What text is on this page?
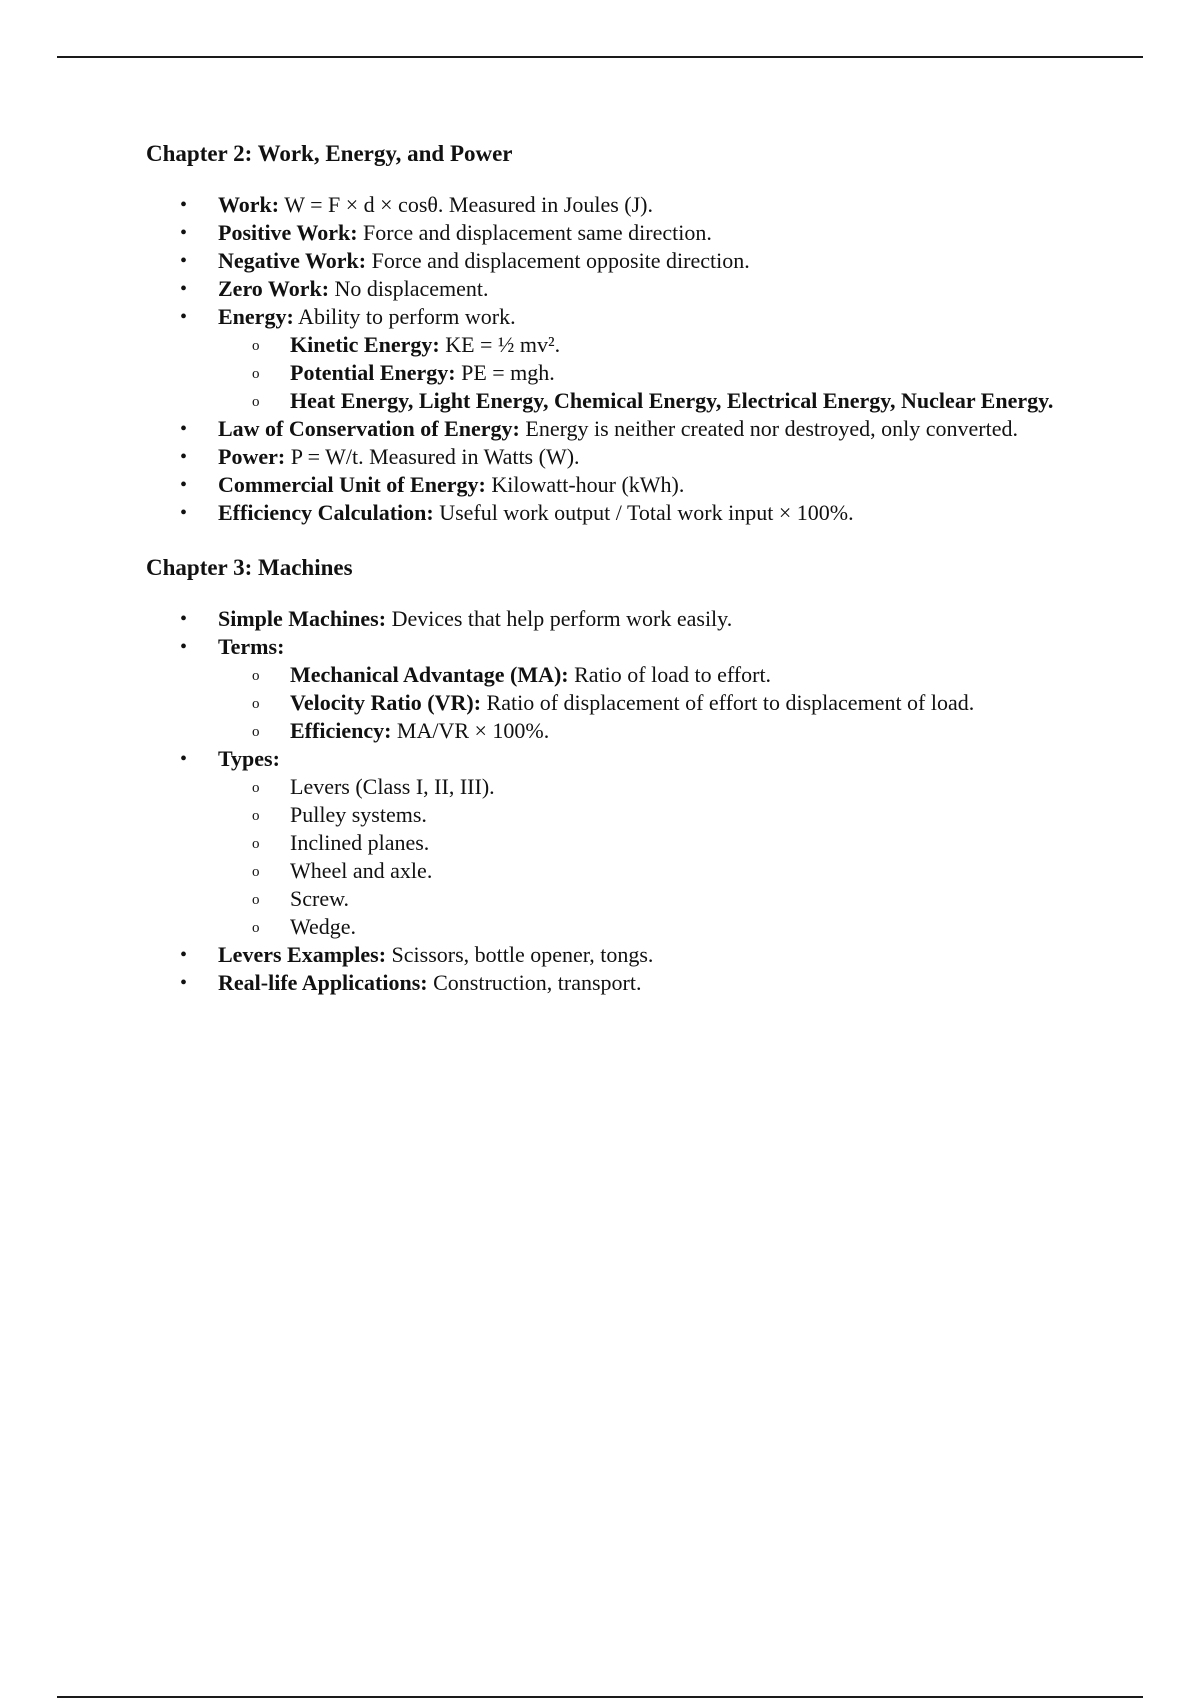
Chapter 2: Work, Energy, and Power
• Work: W = F × d × cosθ. Measured in Joules (J).
• Positive Work: Force and displacement same direction.
• Negative Work: Force and displacement opposite direction.
• Zero Work: No displacement.
• Energy: Ability to perform work.
o Kinetic Energy: KE = ½ mv².
o Potential Energy: PE = mgh.
o Heat Energy, Light Energy, Chemical Energy, Electrical Energy, Nuclear Energy.
• Law of Conservation of Energy: Energy is neither created nor destroyed, only converted.
• Power: P = W/t. Measured in Watts (W).
• Commercial Unit of Energy: Kilowatt-hour (kWh).
• Efficiency Calculation: Useful work output / Total work input × 100%.
Chapter 3: Machines
• Simple Machines: Devices that help perform work easily.
• Terms:
o Mechanical Advantage (MA): Ratio of load to effort.
o Velocity Ratio (VR): Ratio of displacement of effort to displacement of load.
o Efficiency: MA/VR × 100%.
• Types:
o Levers (Class I, II, III).
o Pulley systems.
o Inclined planes.
o Wheel and axle.
o Screw.
o Wedge.
• Levers Examples: Scissors, bottle opener, tongs.
• Real-life Applications: Construction, transport.
